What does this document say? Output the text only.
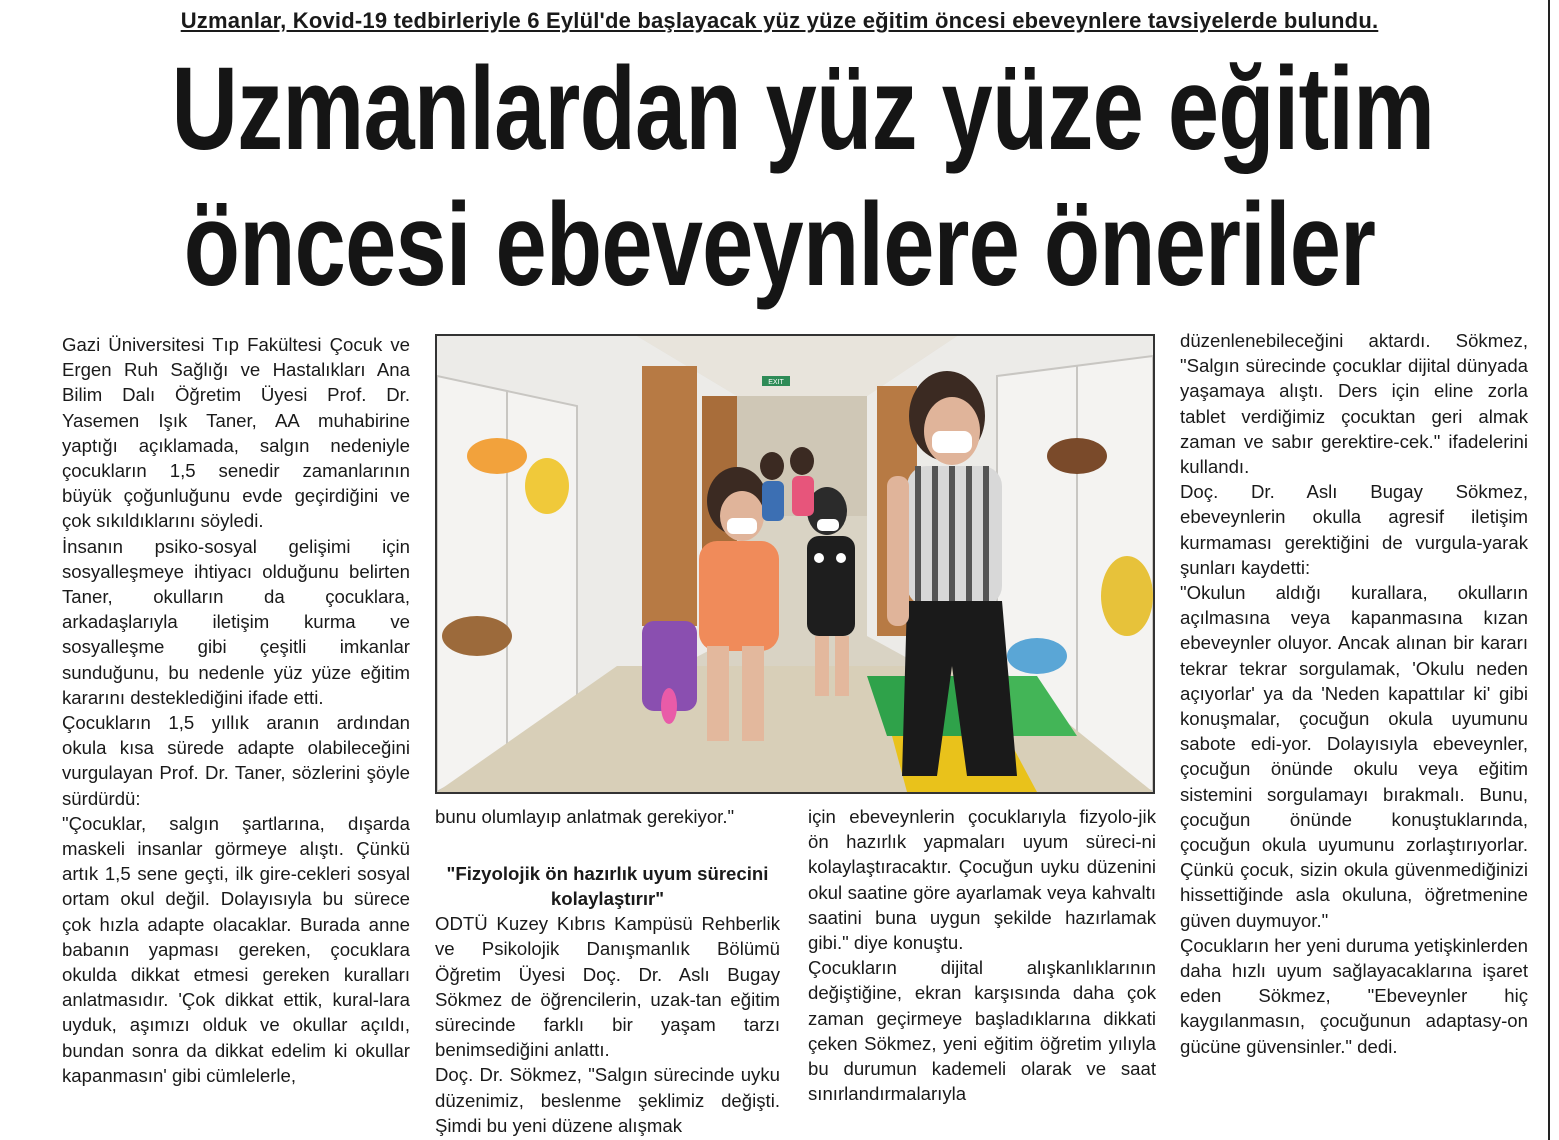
Uzmanlar, Kovid-19 tedbirleriyle 6 Eylül'de başlayacak yüz yüze eğitim öncesi ebeveynlere tavsiyelerde bulundu.
Uzmanlardan yüz yüze eğitim
öncesi ebeveynlere öneriler

Gazi Üniversitesi Tıp Fakültesi Çocuk ve Ergen Ruh Sağlığı ve Hastalıkları Ana Bilim Dalı Öğretim Üyesi Prof. Dr. Yasemen Işık Taner, AA muhabirine yaptığı açıklamada, salgın nedeniyle çocukların 1,5 senedir zamanlarının büyük çoğunluğunu evde geçirdiğini ve çok sıkıldıklarını söyledi.

İnsanın psiko-sosyal gelişimi için sosyalleşmeye ihtiyacı olduğunu belirten Taner, okulların da çocuklara, arkadaşlarıyla iletişim kurma ve sosyalleşme gibi çeşitli imkanlar sunduğunu, bu nedenle yüz yüze eğitim kararını desteklediğini ifade etti.

Çocukların 1,5 yıllık aranın ardından okula kısa sürede adapte olabileceğini vurgulayan Prof. Dr. Taner, sözlerini şöyle sürdürdü:

"Çocuklar, salgın şartlarına, dışarda maskeli insanlar görmeye alıştı. Çünkü artık 1,5 sene geçti, ilk gire-cekleri sosyal ortam okul değil. Dolayısıyla bu sürece çok hızla adapte olacaklar. Burada anne babanın yapması gereken, çocuklara okulda dikkat etmesi gereken kuralları anlatmasıdır. 'Çok dikkat ettik, kural-lara uyduk, aşımızı olduk ve okullar açıldı, bundan sonra da dikkat edelim ki okullar kapanmasın' gibi cümlelerle,

EXIT

bunu olumlayıp anlatmak gerekiyor."

"Fizyolojik ön hazırlık uyum sürecini kolaylaştırır"

ODTÜ Kuzey Kıbrıs Kampüsü Rehberlik ve Psikolojik Danışmanlık Bölümü Öğretim Üyesi Doç. Dr. Aslı Bugay Sökmez de öğrencilerin, uzak-tan eğitim sürecinde farklı bir yaşam tarzı benimsediğini anlattı.

Doç. Dr. Sökmez, "Salgın sürecinde uyku düzenimiz, beslenme şeklimiz değişti. Şimdi bu yeni düzene alışmak

için ebeveynlerin çocuklarıyla fizyolo-jik ön hazırlık yapmaları uyum süreci-ni kolaylaştıracaktır. Çocuğun uyku düzenini okul saatine göre ayarlamak veya kahvaltı saatini buna uygun şekilde hazırlamak gibi." diye konuştu.

Çocukların dijital alışkanlıklarının değiştiğine, ekran karşısında daha çok zaman geçirmeye başladıklarına dikkati çeken Sökmez, yeni eğitim öğretim yılıyla bu durumun kademeli olarak ve saat sınırlandırmalarıyla

düzenlenebileceğini aktardı. Sökmez, "Salgın sürecinde çocuklar dijital dünyada yaşamaya alıştı. Ders için eline zorla tablet verdiğimiz çocuktan geri almak zaman ve sabır gerektire-cek." ifadelerini kullandı.

Doç. Dr. Aslı Bugay Sökmez, ebeveynlerin okulla agresif iletişim kurmaması gerektiğini de vurgula-yarak şunları kaydetti:

"Okulun aldığı kurallara, okulların açılmasına veya kapanmasına kızan ebeveynler oluyor. Ancak alınan bir kararı tekrar tekrar sorgulamak, 'Okulu neden açıyorlar' ya da 'Neden kapattılar ki' gibi konuşmalar, çocuğun okula uyumunu sabote edi-yor. Dolayısıyla ebeveynler, çocuğun önünde okulu veya eğitim sistemini sorgulamayı bırakmalı. Bunu, çocuğun önünde konuştuklarında, çocuğun okula uyumunu zorlaştırıyorlar. Çünkü çocuk, sizin okula güvenmediğinizi hissettiğinde asla okuluna, öğretmenine güven duymuyor."

Çocukların her yeni duruma yetişkinlerden daha hızlı uyum sağlayacaklarına işaret eden Sökmez, "Ebeveynler hiç kaygılanmasın, çocuğunun adaptasy-on gücüne güvensinler." dedi.
